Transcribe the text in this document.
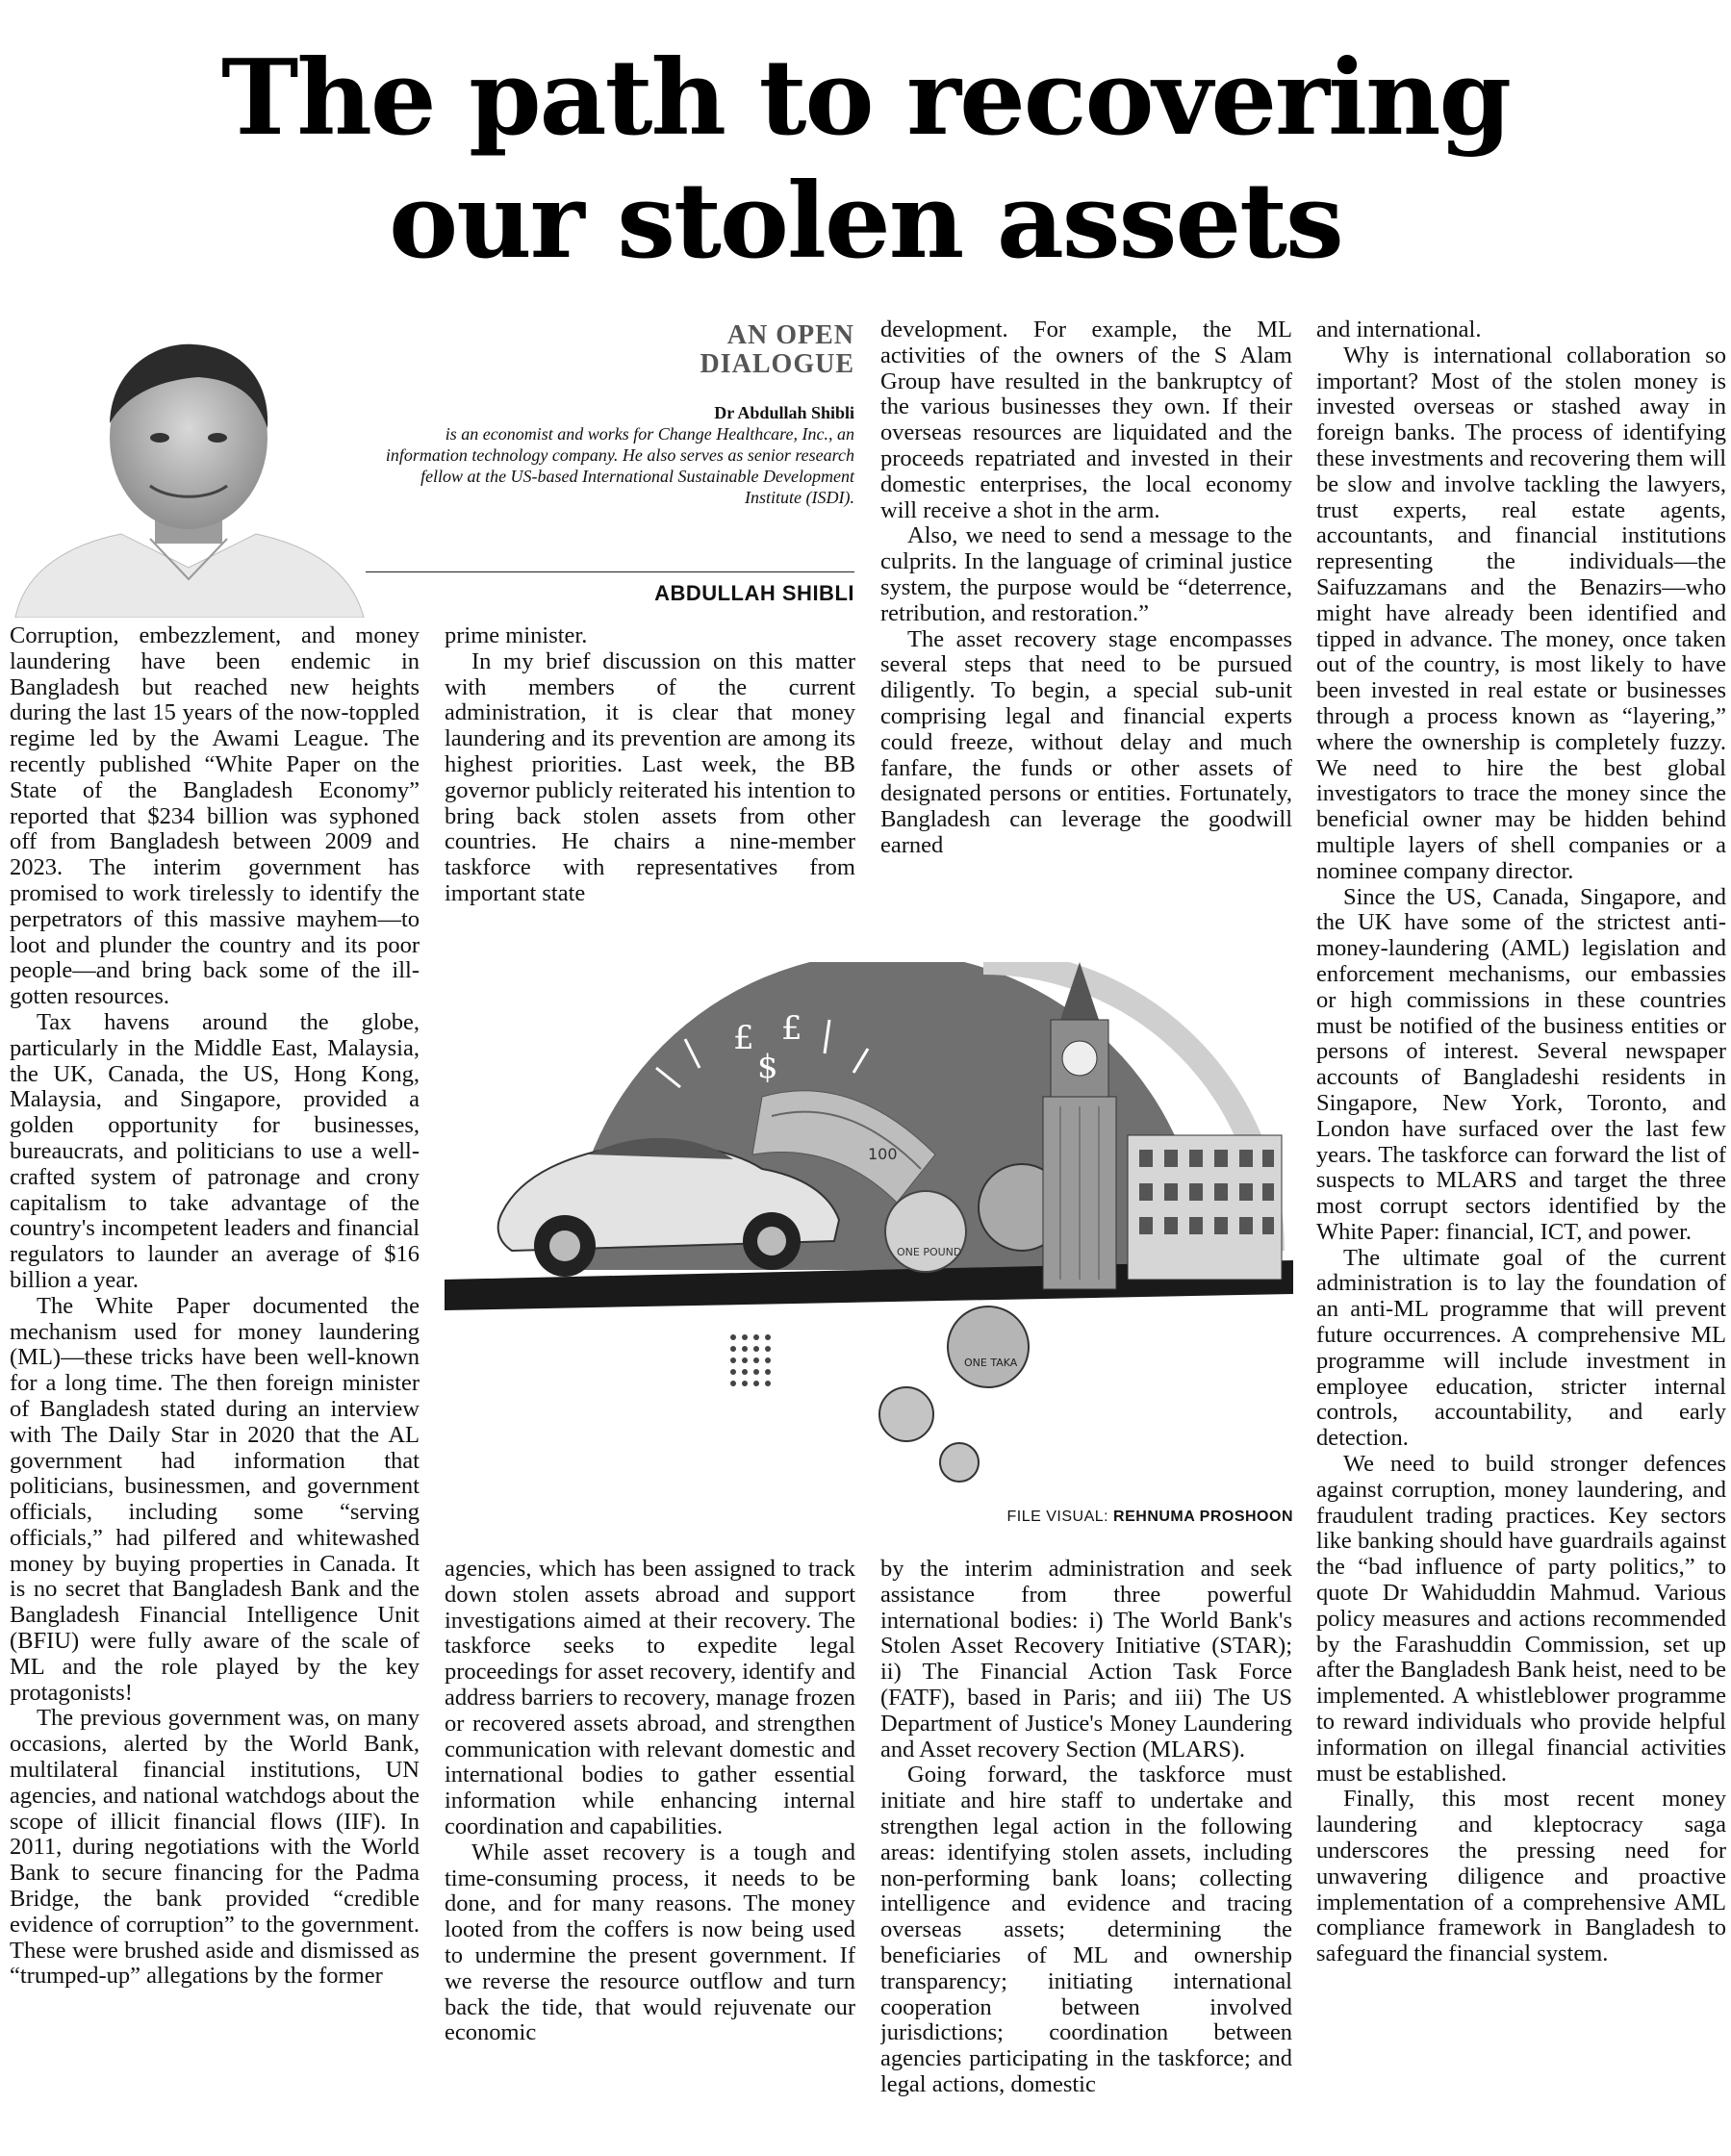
The path to recovering
our stolen assets
AN OPEN
DIALOGUE
Dr Abdullah Shibli
is an economist and works for Change Healthcare, Inc., an information technology company. He also serves as senior research fellow at the US-based International Sustainable Development Institute (ISDI).
ABDULLAH SHIBLI

Corruption, embezzlement, and money laundering have been endemic in Bangladesh but reached new heights during the last 15 years of the now-toppled regime led by the Awami League. The recently published “White Paper on the State of the Bangladesh Economy” reported that $234 billion was syphoned off from Bangladesh between 2009 and 2023. The interim government has promised to work tirelessly to identify the perpetrators of this massive mayhem—to loot and plunder the country and its poor people—and bring back some of the ill-gotten resources.

Tax havens around the globe, particularly in the Middle East, Malaysia, the UK, Canada, the US, Hong Kong, Malaysia, and Singapore, provided a golden opportunity for businesses, bureaucrats, and politicians to use a well-crafted system of patronage and crony capitalism to take advantage of the country's incompetent leaders and financial regulators to launder an average of $16 billion a year.

The White Paper documented the mechanism used for money laundering (ML)—these tricks have been well-known for a long time. The then foreign minister of Bangladesh stated during an interview with The Daily Star in 2020 that the AL government had information that politicians, businessmen, and government officials, including some “serving officials,” had pilfered and whitewashed money by buying properties in Canada. It is no secret that Bangladesh Bank and the Bangladesh Financial Intelligence Unit (BFIU) were fully aware of the scale of ML and the role played by the key protagonists!

The previous government was, on many occasions, alerted by the World Bank, multilateral financial institutions, UN agencies, and national watchdogs about the scope of illicit financial flows (IIF). In 2011, during negotiations with the World Bank to secure financing for the Padma Bridge, the bank provided “credible evidence of corruption” to the government. These were brushed aside and dismissed as “trumped-up” allegations by the former

prime minister.

In my brief discussion on this matter with members of the current administration, it is clear that money laundering and its prevention are among its highest priorities. Last week, the BB governor publicly reiterated his intention to bring back stolen assets from other countries. He chairs a nine-member taskforce with representatives from important state

£
$
£
100
ONE POUND
ONE TAKA
FILE VISUAL: REHNUMA PROSHOON

agencies, which has been assigned to track down stolen assets abroad and support investigations aimed at their recovery. The taskforce seeks to expedite legal proceedings for asset recovery, identify and address barriers to recovery, manage frozen or recovered assets abroad, and strengthen communication with relevant domestic and international bodies to gather essential information while enhancing internal coordination and capabilities.

While asset recovery is a tough and time-consuming process, it needs to be done, and for many reasons. The money looted from the coffers is now being used to undermine the present government. If we reverse the resource outflow and turn back the tide, that would rejuvenate our economic

development. For example, the ML activities of the owners of the S Alam Group have resulted in the bankruptcy of the various businesses they own. If their overseas resources are liquidated and the proceeds repatriated and invested in their domestic enterprises, the local economy will receive a shot in the arm.

Also, we need to send a message to the culprits. In the language of criminal justice system, the purpose would be “deterrence, retribution, and restoration.”

The asset recovery stage encompasses several steps that need to be pursued diligently. To begin, a special sub-unit comprising legal and financial experts could freeze, without delay and much fanfare, the funds or other assets of designated persons or entities. Fortunately, Bangladesh can leverage the goodwill earned

by the interim administration and seek assistance from three powerful international bodies: i) The World Bank's Stolen Asset Recovery Initiative (STAR); ii) The Financial Action Task Force (FATF), based in Paris; and iii) The US Department of Justice's Money Laundering and Asset recovery Section (MLARS).

Going forward, the taskforce must initiate and hire staff to undertake and strengthen legal action in the following areas: identifying stolen assets, including non-performing bank loans; collecting intelligence and evidence and tracing overseas assets; determining the beneficiaries of ML and ownership transparency; initiating international cooperation between involved jurisdictions; coordination between agencies participating in the taskforce; and legal actions, domestic

and international.

Why is international collaboration so important? Most of the stolen money is invested overseas or stashed away in foreign banks. The process of identifying these investments and recovering them will be slow and involve tackling the lawyers, trust experts, real estate agents, accountants, and financial institutions representing the individuals—the Saifuzzamans and the Benazirs—who might have already been identified and tipped in advance. The money, once taken out of the country, is most likely to have been invested in real estate or businesses through a process known as “layering,” where the ownership is completely fuzzy. We need to hire the best global investigators to trace the money since the beneficial owner may be hidden behind multiple layers of shell companies or a nominee company director.

Since the US, Canada, Singapore, and the UK have some of the strictest anti-money-laundering (AML) legislation and enforcement mechanisms, our embassies or high commissions in these countries must be notified of the business entities or persons of interest. Several newspaper accounts of Bangladeshi residents in Singapore, New York, Toronto, and London have surfaced over the last few years. The taskforce can forward the list of suspects to MLARS and target the three most corrupt sectors identified by the White Paper: financial, ICT, and power.

The ultimate goal of the current administration is to lay the foundation of an anti-ML programme that will prevent future occurrences. A comprehensive ML programme will include investment in employee education, stricter internal controls, accountability, and early detection.

We need to build stronger defences against corruption, money laundering, and fraudulent trading practices. Key sectors like banking should have guardrails against the “bad influence of party politics,” to quote Dr Wahiduddin Mahmud. Various policy measures and actions recommended by the Farashuddin Commission, set up after the Bangladesh Bank heist, need to be implemented. A whistleblower programme to reward individuals who provide helpful information on illegal financial activities must be established.

Finally, this most recent money laundering and kleptocracy saga underscores the pressing need for unwavering diligence and proactive implementation of a comprehensive AML compliance framework in Bangladesh to safeguard the financial system.
